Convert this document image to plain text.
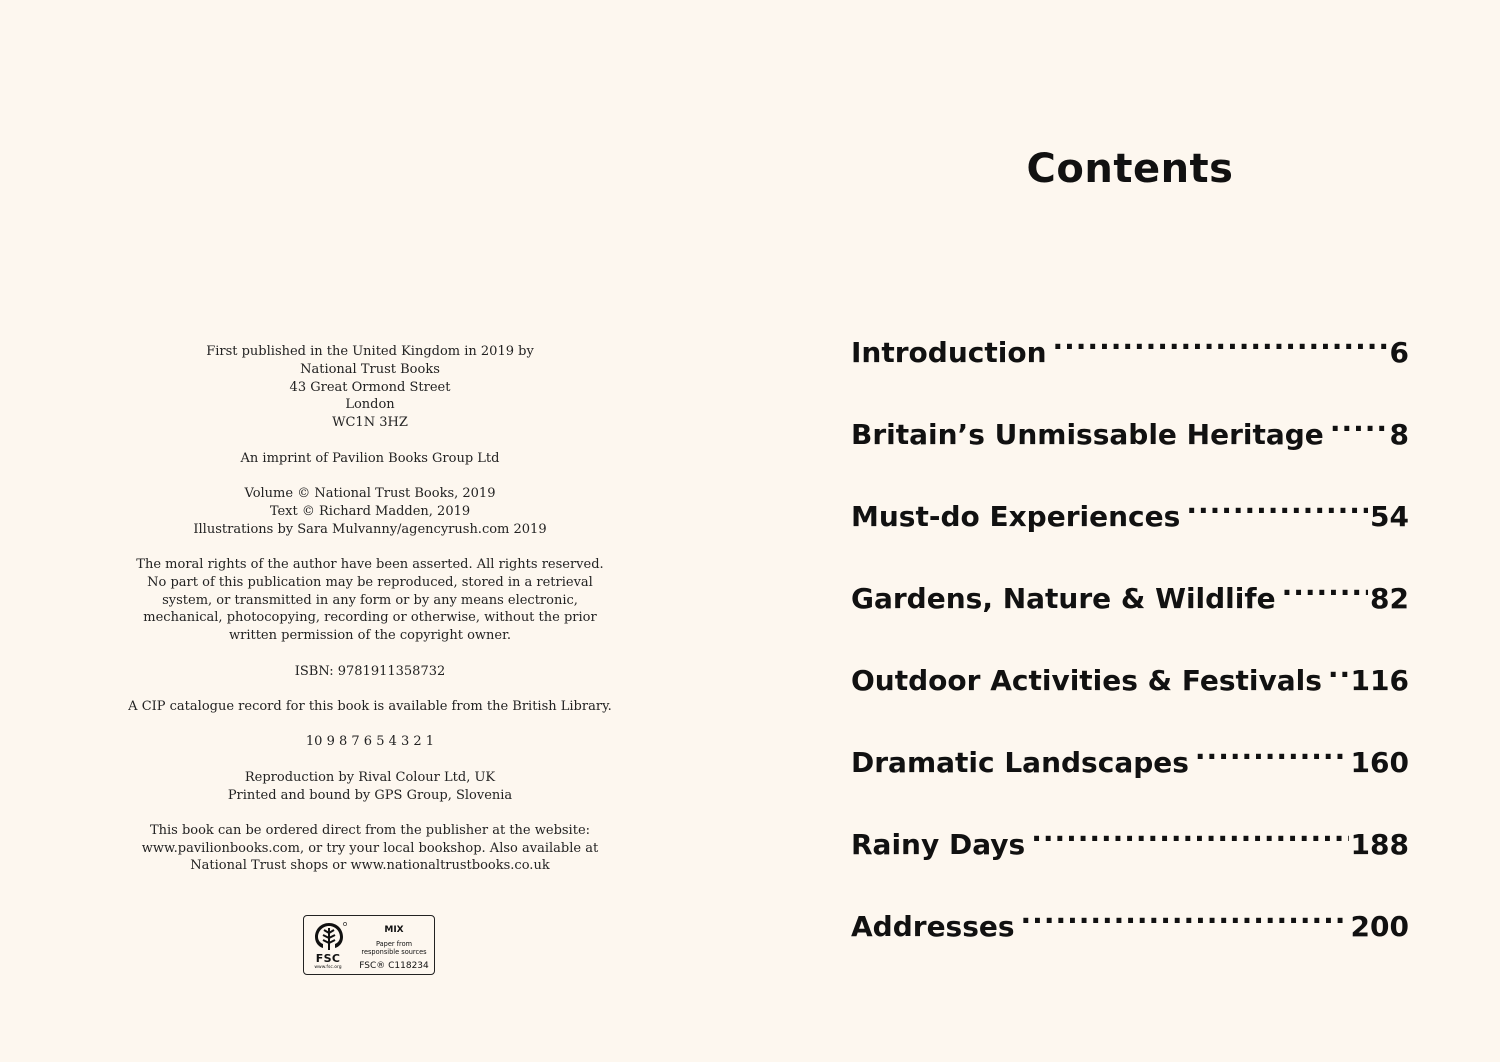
First published in the United Kingdom in 2019 by
National Trust Books
43 Great Ormond Street
London
WC1N 3HZ
An imprint of Pavilion Books Group Ltd
Volume © National Trust Books, 2019
Text © Richard Madden, 2019
Illustrations by Sara Mulvanny/agencyrush.com 2019
The moral rights of the author have been asserted. All rights reserved.
No part of this publication may be reproduced, stored in a retrieval
system, or transmitted in any form or by any means electronic,
mechanical, photocopying, recording or otherwise, without the prior
written permission of the copyright owner.
ISBN: 9781911358732
A CIP catalogue record for this book is available from the British Library.
10 9 8 7 6 5 4 3 2 1
Reproduction by Rival Colour Ltd, UK
Printed and bound by GPS Group, Slovenia
This book can be ordered direct from the publisher at the website:
www.pavilionbooks.com, or try your local bookshop. Also available at
National Trust shops or www.nationaltrustbooks.co.uk
FSC
www.fsc.org
MIX
Paper from
responsible sources
FSC® C118234
Contents
Introduction .....	6
Britain’s Unmissable Heritage ..... 8
Must-do Experiences .....	54
Gardens, Nature & Wildlife .....	82
Outdoor Activities & Festivals ..... 116
Dramatic Landscapes .....	160
Rainy Days .....	188
Addresses .....	200
